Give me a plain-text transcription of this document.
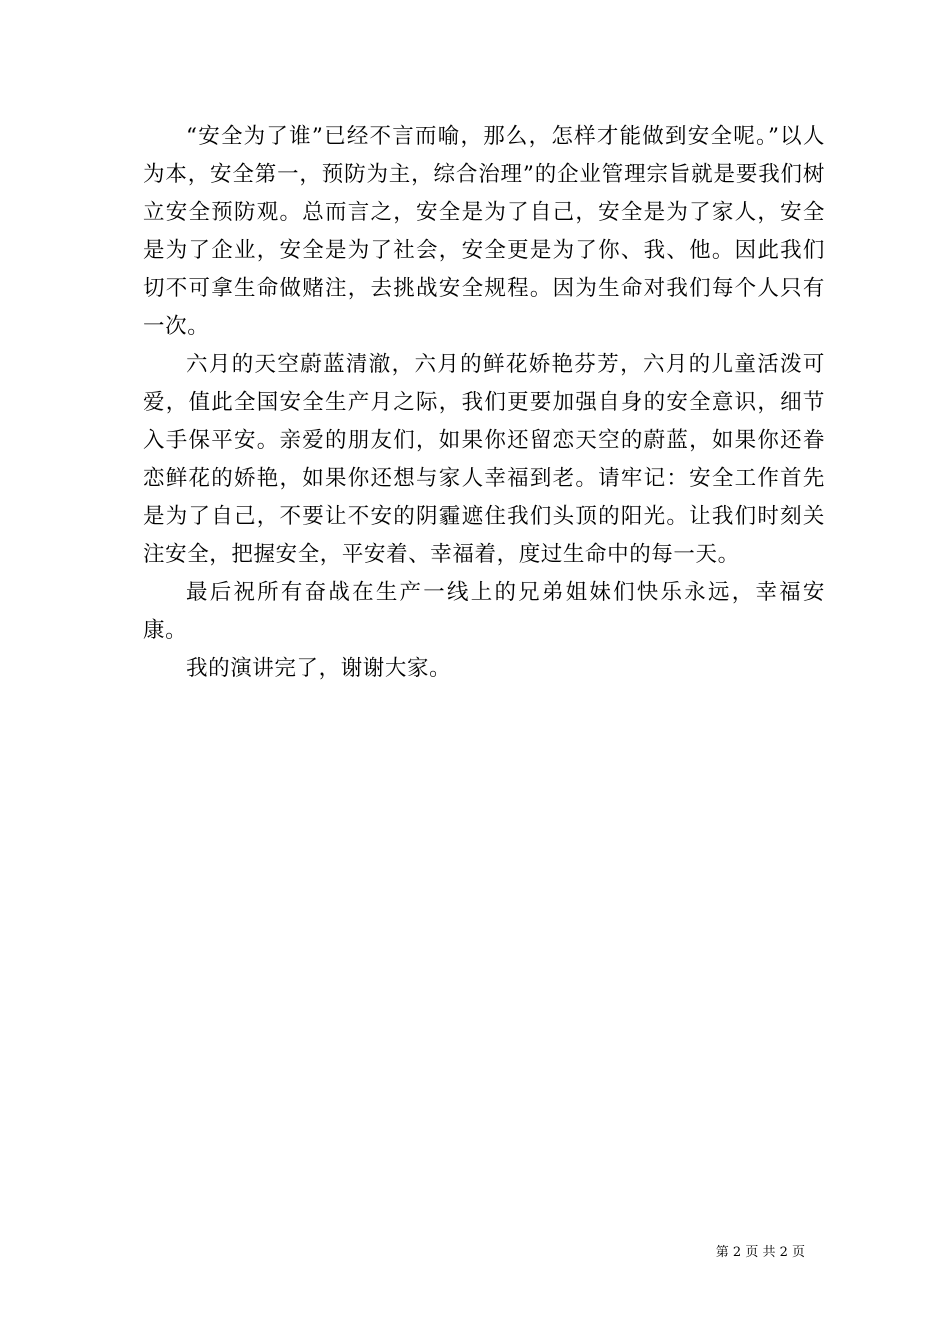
“安全为了谁”已经不言而喻，那么，怎样才能做到安全呢。”以人为本，安全第一，预防为主，综合治理”的企业管理宗旨就是要我们树立安全预防观。总而言之，安全是为了自己，安全是为了家人，安全是为了企业，安全是为了社会，安全更是为了你、我、他。因此我们切不可拿生命做赌注，去挑战安全规程。因为生命对我们每个人只有一次。

六月的天空蔚蓝清澈，六月的鲜花娇艳芬芳，六月的儿童活泼可爱，值此全国安全生产月之际，我们更要加强自身的安全意识，细节入手保平安。亲爱的朋友们，如果你还留恋天空的蔚蓝，如果你还眷恋鲜花的娇艳，如果你还想与家人幸福到老。请牢记：安全工作首先是为了自己，不要让不安的阴霾遮住我们头顶的阳光。让我们时刻关注安全，把握安全，平安着、幸福着，度过生命中的每一天。

最后祝所有奋战在生产一线上的兄弟姐妹们快乐永远，幸福安康。

我的演讲完了，谢谢大家。

第 2 页 共 2 页
